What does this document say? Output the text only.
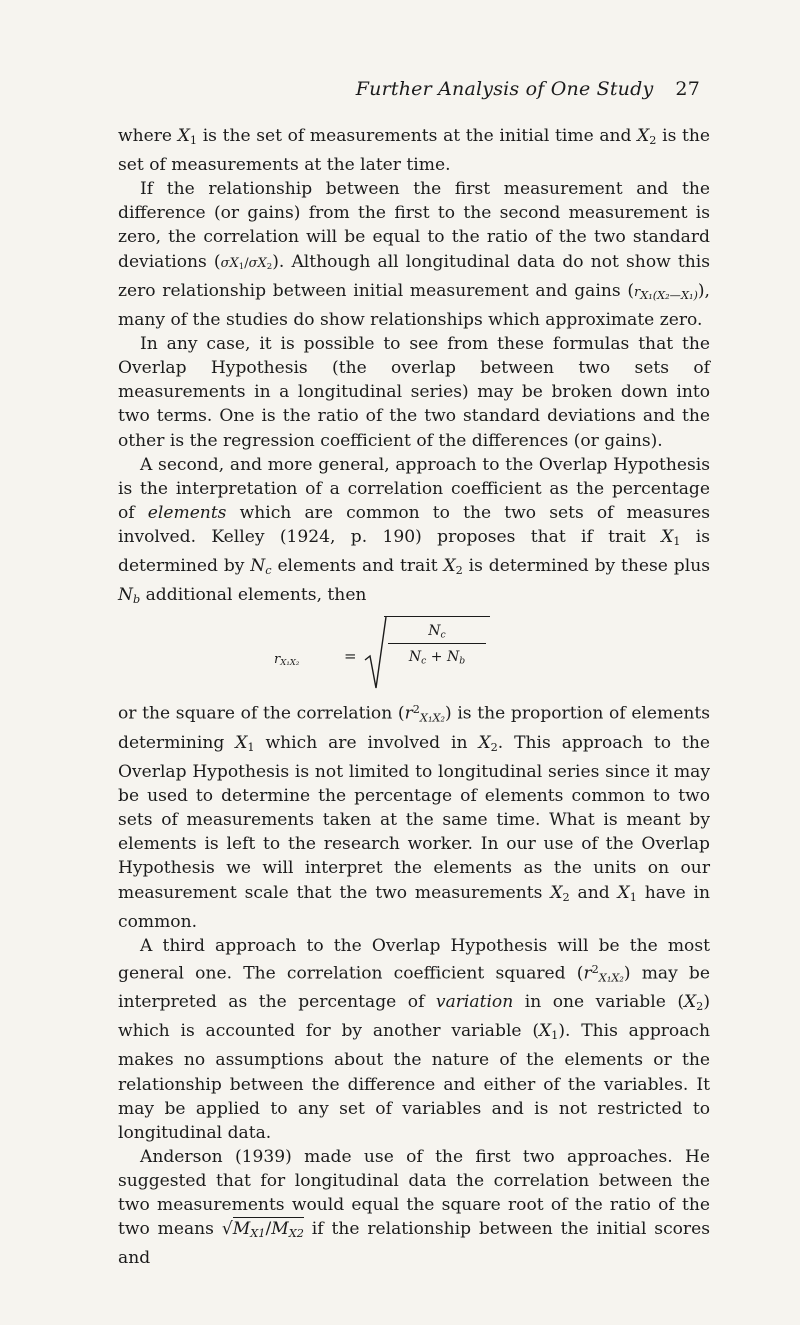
Further Analysis of One Study 27

where $X_1$ is the set of measurements at the initial time and $X_2$ is the set of measurements at the later time.

If the relationship between the first measurement and the difference (or gains) from the first to the second measurement is zero, the correlation will be equal to the ratio of the two standard deviations $(\sigma X_1/\sigma X_2)$. Although all longitudinal data do not show this zero relationship between initial measurement and gains $(r_{X_1(X_2—X_1)})$, many of the studies do show relationships which approximate zero.

In any case, it is possible to see from these formulas that the Overlap Hypothesis (the overlap between two sets of measurements in a longitudinal series) may be broken down into two terms. One is the ratio of the two standard deviations and the other is the regression coefficient of the differences (or gains).

A second, and more general, approach to the Overlap Hypothesis is the interpretation of a correlation coefficient as the percentage of elements which are common to the two sets of measures involved. Kelley (1924, p. 190) proposes that if trait $X_1$ is determined by $N_c$ elements and trait $X_2$ is determined by these plus $N_b$ additional elements, then

$r_{X_1X_2}$	=
$N_c$
$N_c + N_b$

or the square of the correlation $(r^2_{X_1X_2})$ is the proportion of elements determining $X_1$ which are involved in $X_2$. This approach to the Overlap Hypothesis is not limited to longitudinal series since it may be used to determine the percentage of elements common to two sets of measurements taken at the same time. What is meant by elements is left to the research worker. In our use of the Overlap Hypothesis we will interpret the elements as the units on our measurement scale that the two measurements $X_2$ and $X_1$ have in common.

A third approach to the Overlap Hypothesis will be the most general one. The correlation coefficient squared $(r^2_{X_1X_2})$ may be interpreted as the percentage of variation in one variable $(X_2)$ which is accounted for by another variable $(X_1)$. This approach makes no assumptions about the nature of the elements or the relationship between the difference and either of the variables. It may be applied to any set of variables and is not restricted to longitudinal data.

Anderson (1939) made use of the first two approaches. He suggested that for longitudinal data the correlation between the two measurements would equal the square root of the ratio of the two means $√M_{X1}/M_{X2}$ if the relationship between the initial scores and
